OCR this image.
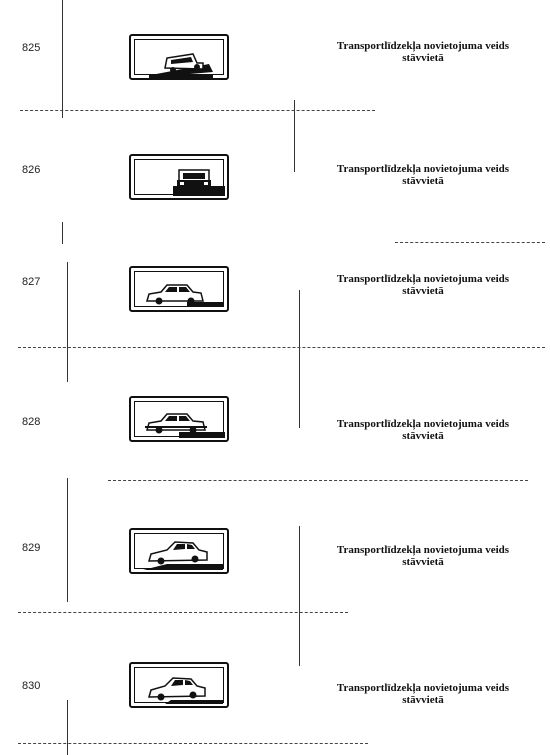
825	Transportlīdzekļa novietojuma veids
stāvvietā
826	Transportlīdzekļa novietojuma veids
stāvvietā
827	Transportlīdzekļa novietojuma veids
stāvvietā
828	Transportlīdzekļa novietojuma veids
stāvvietā
829	Transportlīdzekļa novietojuma veids
stāvvietā
830	Transportlīdzekļa novietojuma veids
stāvvietā
